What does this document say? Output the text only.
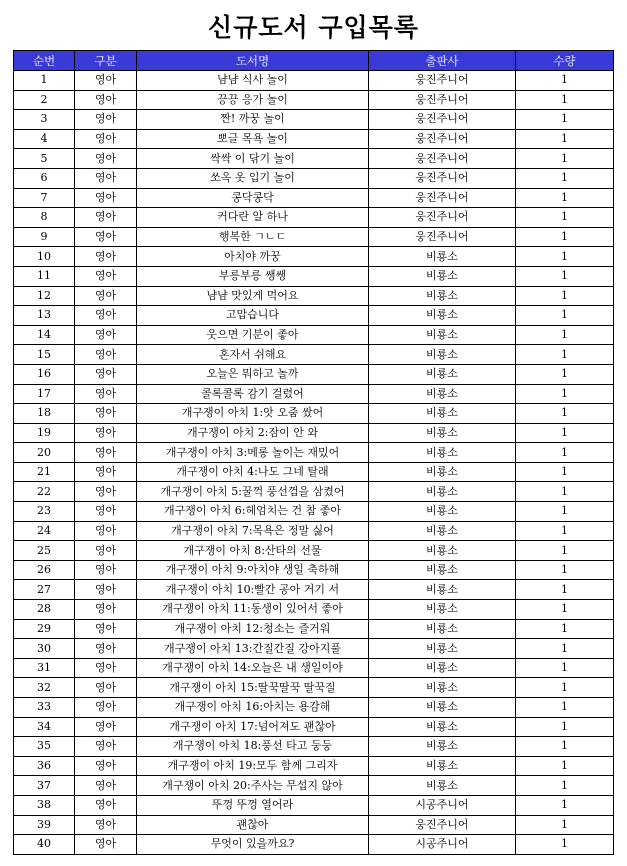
신규도서 구입목록
순번	구분	도서명	출판사	수량
1	영아	냠냠 식사 놀이	웅진주니어	1
2	영아	끙끙 응가 놀이	웅진주니어	1
3	영아	짠! 까꿍 놀이	웅진주니어	1
4	영아	뽀글 목욕 놀이	웅진주니어	1
5	영아	싹싹 이 닦기 놀이	웅진주니어	1
6	영아	쏘옥 옷 입기 놀이	웅진주니어	1
7	영아	콩닥콩닥	웅진주니어	1
8	영아	커다란 알 하나	웅진주니어	1
9	영아	행복한 ㄱㄴㄷ	웅진주니어	1
10	영아	아치야 까꿍	비룡소	1
11	영아	부릉부릉 쌩쌩	비룡소	1
12	영아	냠냠 맛있게 먹어요	비룡소	1
13	영아	고맙습니다	비룡소	1
14	영아	웃으면 기분이 좋아	비룡소	1
15	영아	혼자서 쉬해요	비룡소	1
16	영아	오늘은 뭐하고 놀까	비룡소	1
17	영아	콜록콜록 감기 걸렸어	비룡소	1
18	영아	개구쟁이 아치 1:앗 오줌 쌌어	비룡소	1
19	영아	개구쟁이 아치 2:잠이 안 와	비룡소	1
20	영아	개구쟁이 아치 3:메롱 놀이는 재밌어	비룡소	1
21	영아	개구쟁이 아치 4:나도 그네 탈래	비룡소	1
22	영아	개구쟁이 아치 5:꿀꺽 풍선껌을 삼켰어	비룡소	1
23	영아	개구쟁이 아치 6:헤엄치는 건 참 좋아	비룡소	1
24	영아	개구쟁이 아치 7:목욕은 정말 싫어	비룡소	1
25	영아	개구쟁이 아치 8:산타의 선물	비룡소	1
26	영아	개구쟁이 아치 9:아치야 생일 축하해	비룡소	1
27	영아	개구쟁이 아치 10:빨간 공아 거기 서	비룡소	1
28	영아	개구쟁이 아치 11:동생이 있어서 좋아	비룡소	1
29	영아	개구쟁이 아치 12:청소는 즐거워	비룡소	1
30	영아	개구쟁이 아치 13:간질간질 강아지풀	비룡소	1
31	영아	개구쟁이 아치 14:오늘은 내 생일이야	비룡소	1
32	영아	개구쟁이 아치 15:딸꾹딸꾹 딸꾹질	비룡소	1
33	영아	개구쟁이 아치 16:아치는 용감해	비룡소	1
34	영아	개구쟁이 아치 17:넘어져도 괜찮아	비룡소	1
35	영아	개구쟁이 아치 18:풍선 타고 둥둥	비룡소	1
36	영아	개구쟁이 아치 19:모두 함께 그리자	비룡소	1
37	영아	개구쟁이 아치 20:주사는 무섭지 않아	비룡소	1
38	영아	뚜껑 뚜껑 열어라	시공주니어	1
39	영아	괜찮아	웅진주니어	1
40	영아	무엇이 있을까요?	시공주니어	1
